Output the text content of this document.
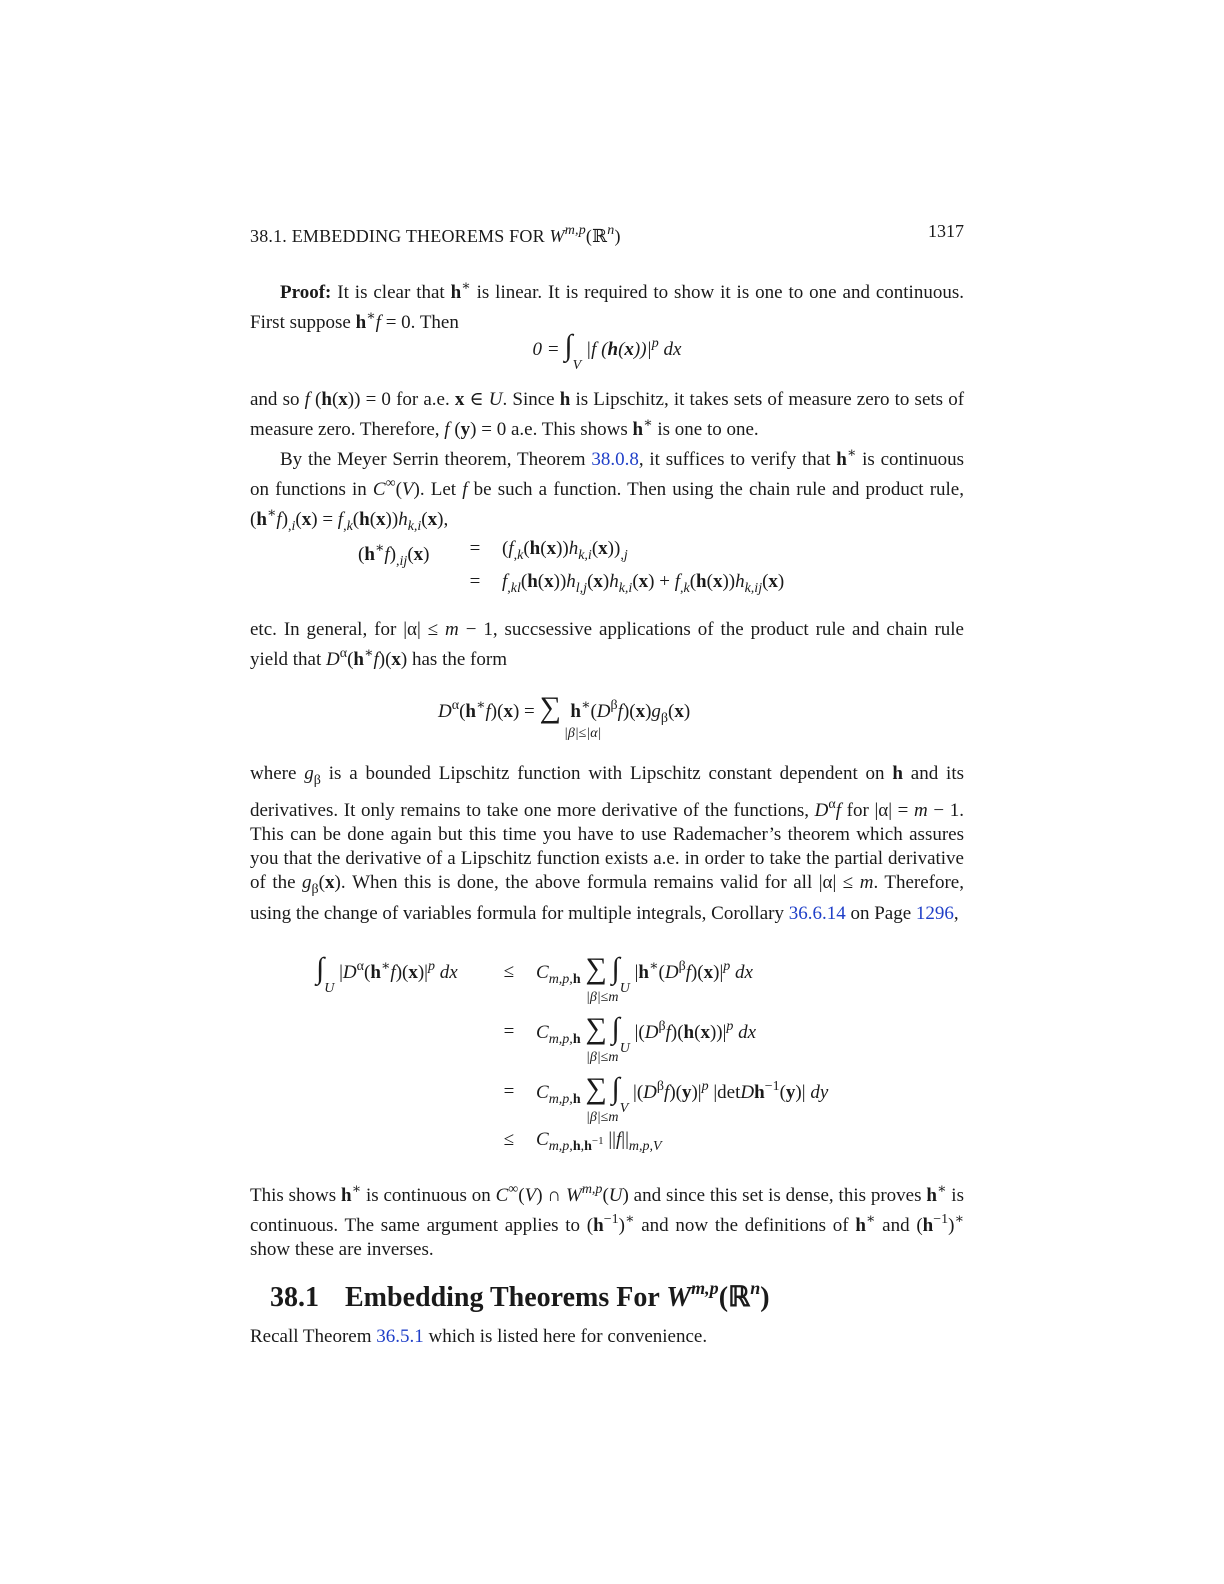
38.1. EMBEDDING THEOREMS FOR W$^{m,p}$(ℝ$^n$)	1317

Proof: It is clear that h∗ is linear. It is required to show it is one to one and continuous. First suppose h∗f = 0. Then

$0 = \int_V$ |f $(h(x))|^p$ dx

and so f (h(x)) = 0 for a.e. x ∈ U. Since h is Lipschitz, it takes sets of measure zero to sets of measure zero. Therefore, f (y) = 0 a.e. This shows h∗ is one to one.

By the Meyer Serrin theorem, Theorem 38.0.8, it suffices to verify that h∗ is continuous on functions in C∞(V). Let f be such a function. Then using the chain rule and product rule, $(h^∗f)_{,i}(x) = f_{,k}(h(x))h_{k,i}(x)$,

$(h^∗f)_{,ij}(x)$	=	$(f_{,k}(h(x))h_{k,i}(x))_{,j}$
=	$f_{,kl}(h(x))h_{l,j}(x)h_{k,i}(x) + f_{,k}(h(x))h_{k,ij}(x)$

etc. In general, for |α| ≤ m − 1, succsessive applications of the product rule and chain rule yield that $D^\alpha(h^∗f)(x)$ has the form

$D^\alpha(h^∗f)(x)$ = ∑ $h^∗(D^\beta f)(x)g_\beta(x)$
|β|≤|α|

where $g_\beta$ is a bounded Lipschitz function with Lipschitz constant dependent on h and its derivatives. It only remains to take one more derivative of the functions, $D^\alpha f$ for |α| = m − 1. This can be done again but this time you have to use Rademacher’s theorem which assures you that the derivative of a Lipschitz function exists a.e. in order to take the partial derivative of the $g_\beta(x)$. When this is done, the above formula remains valid for all |α| ≤ m. Therefore, using the change of variables formula for multiple integrals, Corollary 36.6.14 on Page 1296,

$\int_U$ $|D^\alpha(h^∗f)(x)|^p$ dx	≤	$C_{m,p,h}$ ∑ $\int_U$ $|h^∗(D^\beta f)(x)|^p$ dx
|β|≤m
=	$C_{m,p,h}$ ∑ $\int_U$ $|(D^\beta f)(h(x))|^p$ dx
|β|≤m
=	$C_{m,p,h}$ ∑ $\int_V$ $|(D^\beta f)(y)|^p$ |detDh$^{-1}$(y)| dy
|β|≤m
≤	$C_{m,p,h,h^{-1}}$ $||f||_{m,p,V}$

This shows h∗ is continuous on C∞(V) ∩ W$^{m,p}$(U) and since this set is dense, this proves h∗ is continuous. The same argument applies to $(h^{-1})^∗$ and now the definitions of h∗ and $(h^{-1})^∗$ show these are inverses.

38.1 Embedding Theorems For W$^{m,p}$(ℝ$^n$)

Recall Theorem 36.5.1 which is listed here for convenience.
